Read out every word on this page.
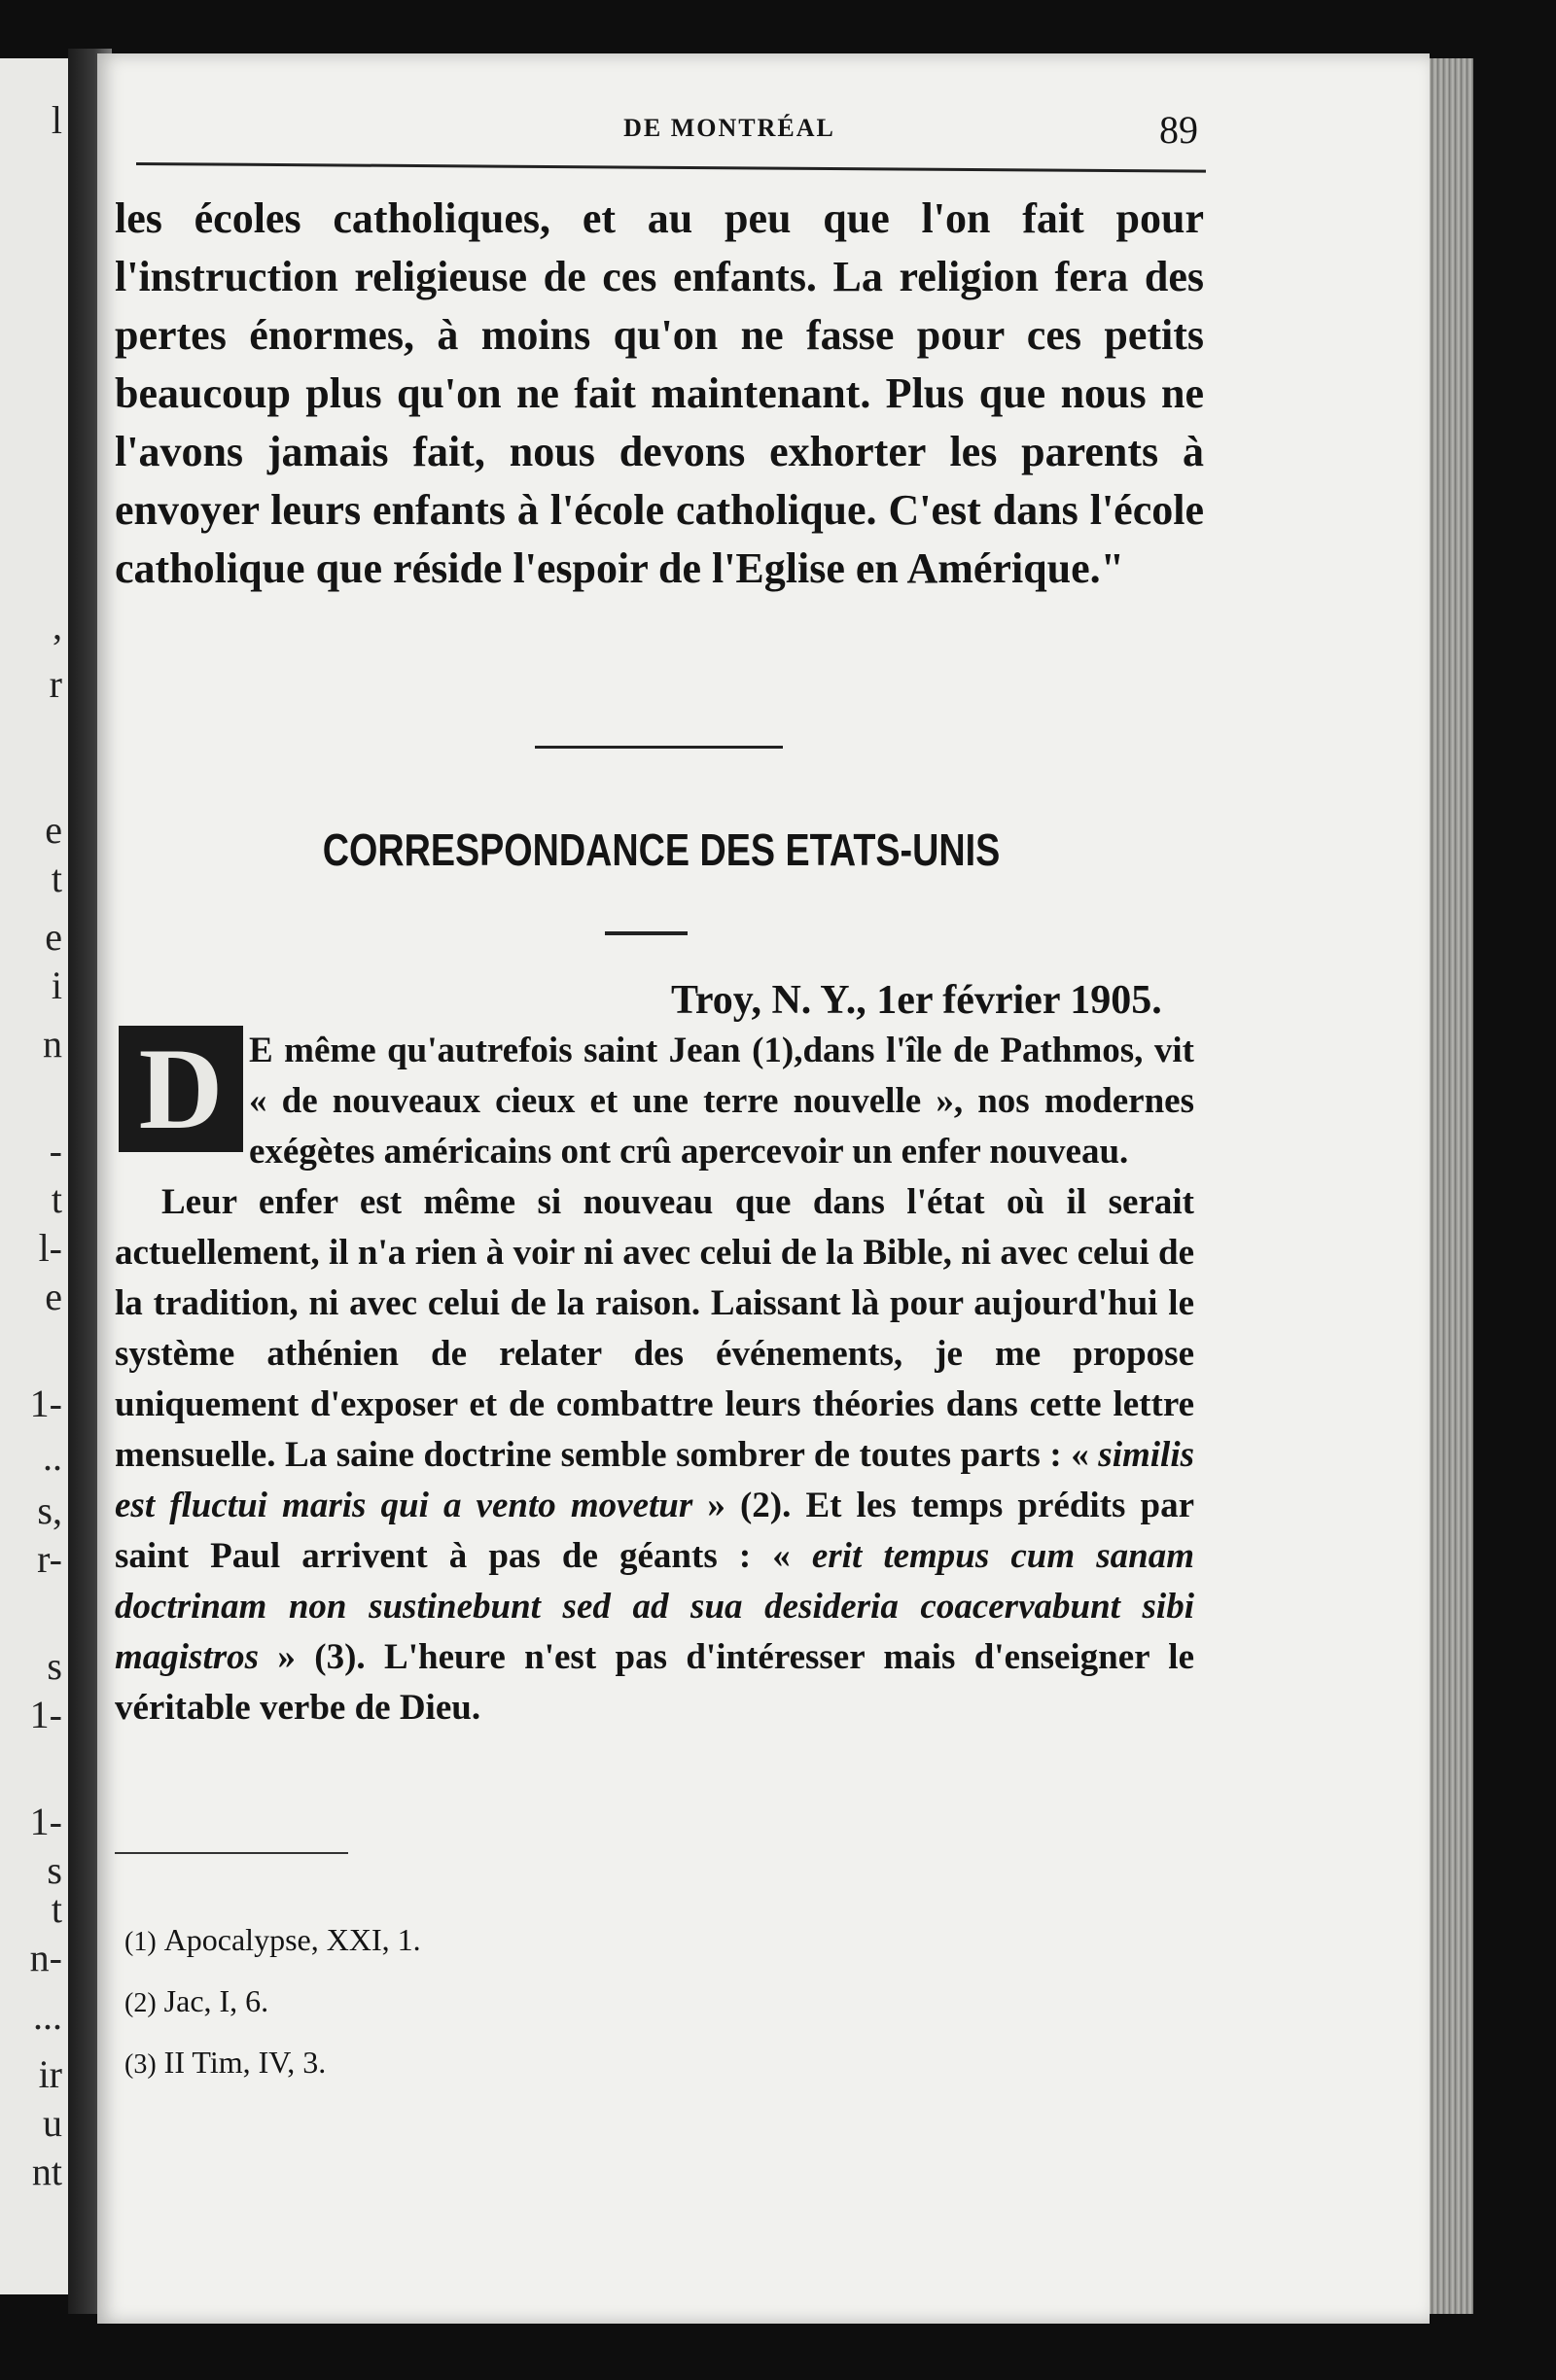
l
,
r
e
t
e
i
n
-
t
l-
e
1-
..
s,
r-
s
1-
1-
s
t
n-
...
ir
u
nt
DE MONTRÉAL	89

les écoles catholiques, et au peu que l'on fait pour l'instruction religieuse de ces enfants. La religion fera des pertes énormes, à moins qu'on ne fasse pour ces petits beaucoup plus qu'on ne fait maintenant. Plus que nous ne l'avons jamais fait, nous devons exhorter les parents à envoyer leurs enfants à l'école catholique. C'est dans l'école catholique que réside l'espoir de l'Eglise en Amérique."

CORRESPONDANCE DES ETATS-UNIS
Troy, N. Y., 1er février 1905.
D E même qu'autrefois saint Jean (1),dans l'île de Pathmos, vit « de nouveaux cieux et une terre nouvelle », nos modernes exégètes américains ont crû apercevoir un enfer nouveau.

Leur enfer est même si nouveau que dans l'état où il serait actuellement, il n'a rien à voir ni avec celui de la Bible, ni avec celui de la tradition, ni avec celui de la raison. Laissant là pour aujourd'hui le système athénien de relater des événements, je me propose uniquement d'exposer et de combattre leurs théories dans cette lettre mensuelle. La saine doctrine semble sombrer de toutes parts : « similis est fluctui maris qui a vento movetur » (2). Et les temps prédits par saint Paul arrivent à pas de géants : « erit tempus cum sanam doctrinam non sustinebunt sed ad sua desideria coacervabunt sibi magistros » (3). L'heure n'est pas d'intéresser mais d'enseigner le véritable verbe de Dieu.

(1) Apocalypse, XXI, 1.
(2) Jac, I, 6.
(3) II Tim, IV, 3.
